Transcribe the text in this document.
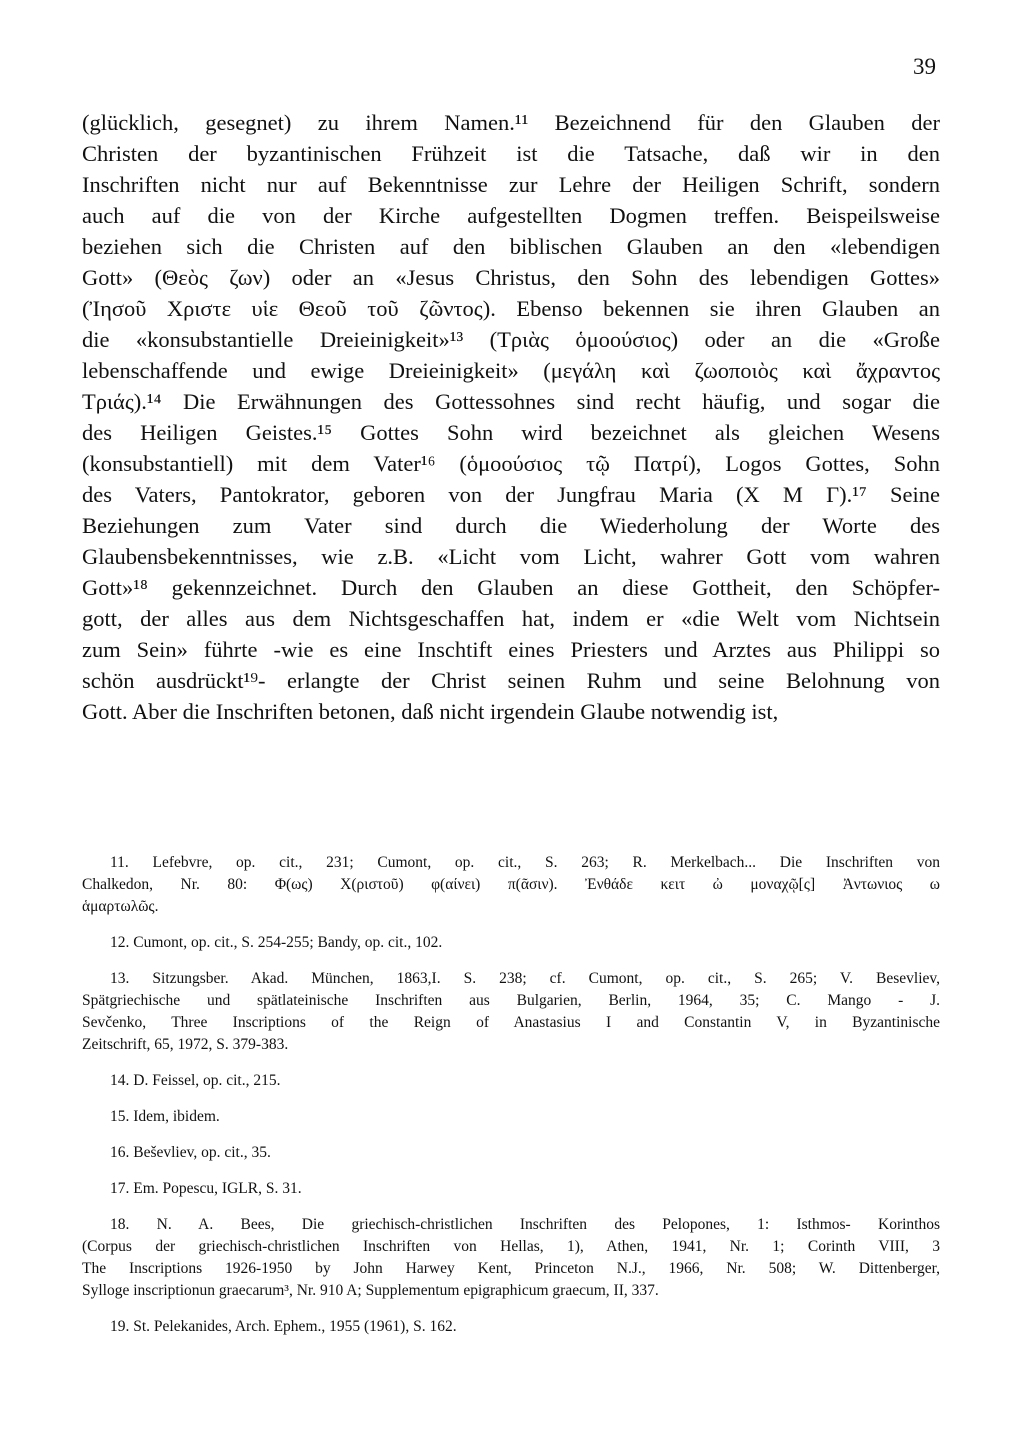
39
(glücklich, gesegnet) zu ihrem Namen.¹¹ Bezeichnend für den Glauben der
Christen der byzantinischen Frühzeit ist die Tatsache, daß wir in den
Inschriften nicht nur auf Bekenntnisse zur Lehre der Heiligen Schrift, sondern
auch auf die von der Kirche aufgestellten Dogmen treffen. Beispeilsweise
beziehen sich die Christen auf den biblischen Glauben an den «lebendigen
Gott» (Θεὸς ζων) oder an «Jesus Christus, den Sohn des lebendigen Gottes»
(Ἰησοῦ Χριστε υἱε Θεοῦ τοῦ ζῶντος). Ebenso bekennen sie ihren Glauben an
die «konsubstantielle Dreieinigkeit»¹³ (Τριὰς ὁμοούσιος) oder an die «Große
lebenschaffende und ewige Dreieinigkeit» (μεγάλη καὶ ζωοποιὸς καὶ ἄχραντος
Τριάς).¹⁴ Die Erwähnungen des Gottessohnes sind recht häufig, und sogar die
des Heiligen Geistes.¹⁵ Gottes Sohn wird bezeichnet als gleichen Wesens
(konsubstantiell) mit dem Vater¹⁶ (ὁμοούσιος τῷ Πατρί), Logos Gottes, Sohn
des Vaters, Pantokrator, geboren von der Jungfrau Maria (Χ Μ Γ).¹⁷ Seine
Beziehungen zum Vater sind durch die Wiederholung der Worte des
Glaubensbekenntnisses, wie z.B. «Licht vom Licht, wahrer Gott vom wahren
Gott»¹⁸ gekennzeichnet. Durch den Glauben an diese Gottheit, den Schöpfer-
gott, der alles aus dem Nichtsgeschaffen hat, indem er «die Welt vom Nichtsein
zum Sein» führte -wie es eine Inschtift eines Priesters und Arztes aus Philippi so
schön ausdrückt¹⁹- erlangte der Christ seinen Ruhm und seine Belohnung von
Gott. Aber die Inschriften betonen, daß nicht irgendein Glaube notwendig ist,
11. Lefebvre, op. cit., 231; Cumont, op. cit., S. 263; R. Merkelbach... Die Inschriften von
Chalkedon, Nr. 80: Φ(ως) Χ(ριστοῦ) φ(αίνει) π(ᾶσιν). Ἐνθάδε κειτ ὠ μοναχῷ[ς] Ἀντωνιος ω
ἁμαρτωλῶς.
12. Cumont, op. cit., S. 254-255; Bandy, op. cit., 102.
13. Sitzungsber. Akad. München, 1863,I. S. 238; cf. Cumont, op. cit., S. 265; V. Besevliev,
Spätgriechische und spätlateinische Inschriften aus Bulgarien, Berlin, 1964, 35; C. Mango - J.
Sevčenko, Three Inscriptions of the Reign of Anastasius I and Constantin V, in Byzantinische
Zeitschrift, 65, 1972, S. 379-383.
14. D. Feissel, op. cit., 215.
15. Idem, ibidem.
16. Beševliev, op. cit., 35.
17. Em. Popescu, IGLR, S. 31.
18. N. A. Bees, Die griechisch-christlichen Inschriften des Pelopones, 1: Isthmos- Korinthos
(Corpus der griechisch-christlichen Inschriften von Hellas, 1), Athen, 1941, Nr. 1; Corinth VIII, 3
The Inscriptions 1926-1950 by John Harwey Kent, Princeton N.J., 1966, Nr. 508; W. Dittenberger,
Sylloge inscriptionun graecarum³, Nr. 910 A; Supplementum epigraphicum graecum, II, 337.
19. St. Pelekanides, Arch. Ephem., 1955 (1961), S. 162.
